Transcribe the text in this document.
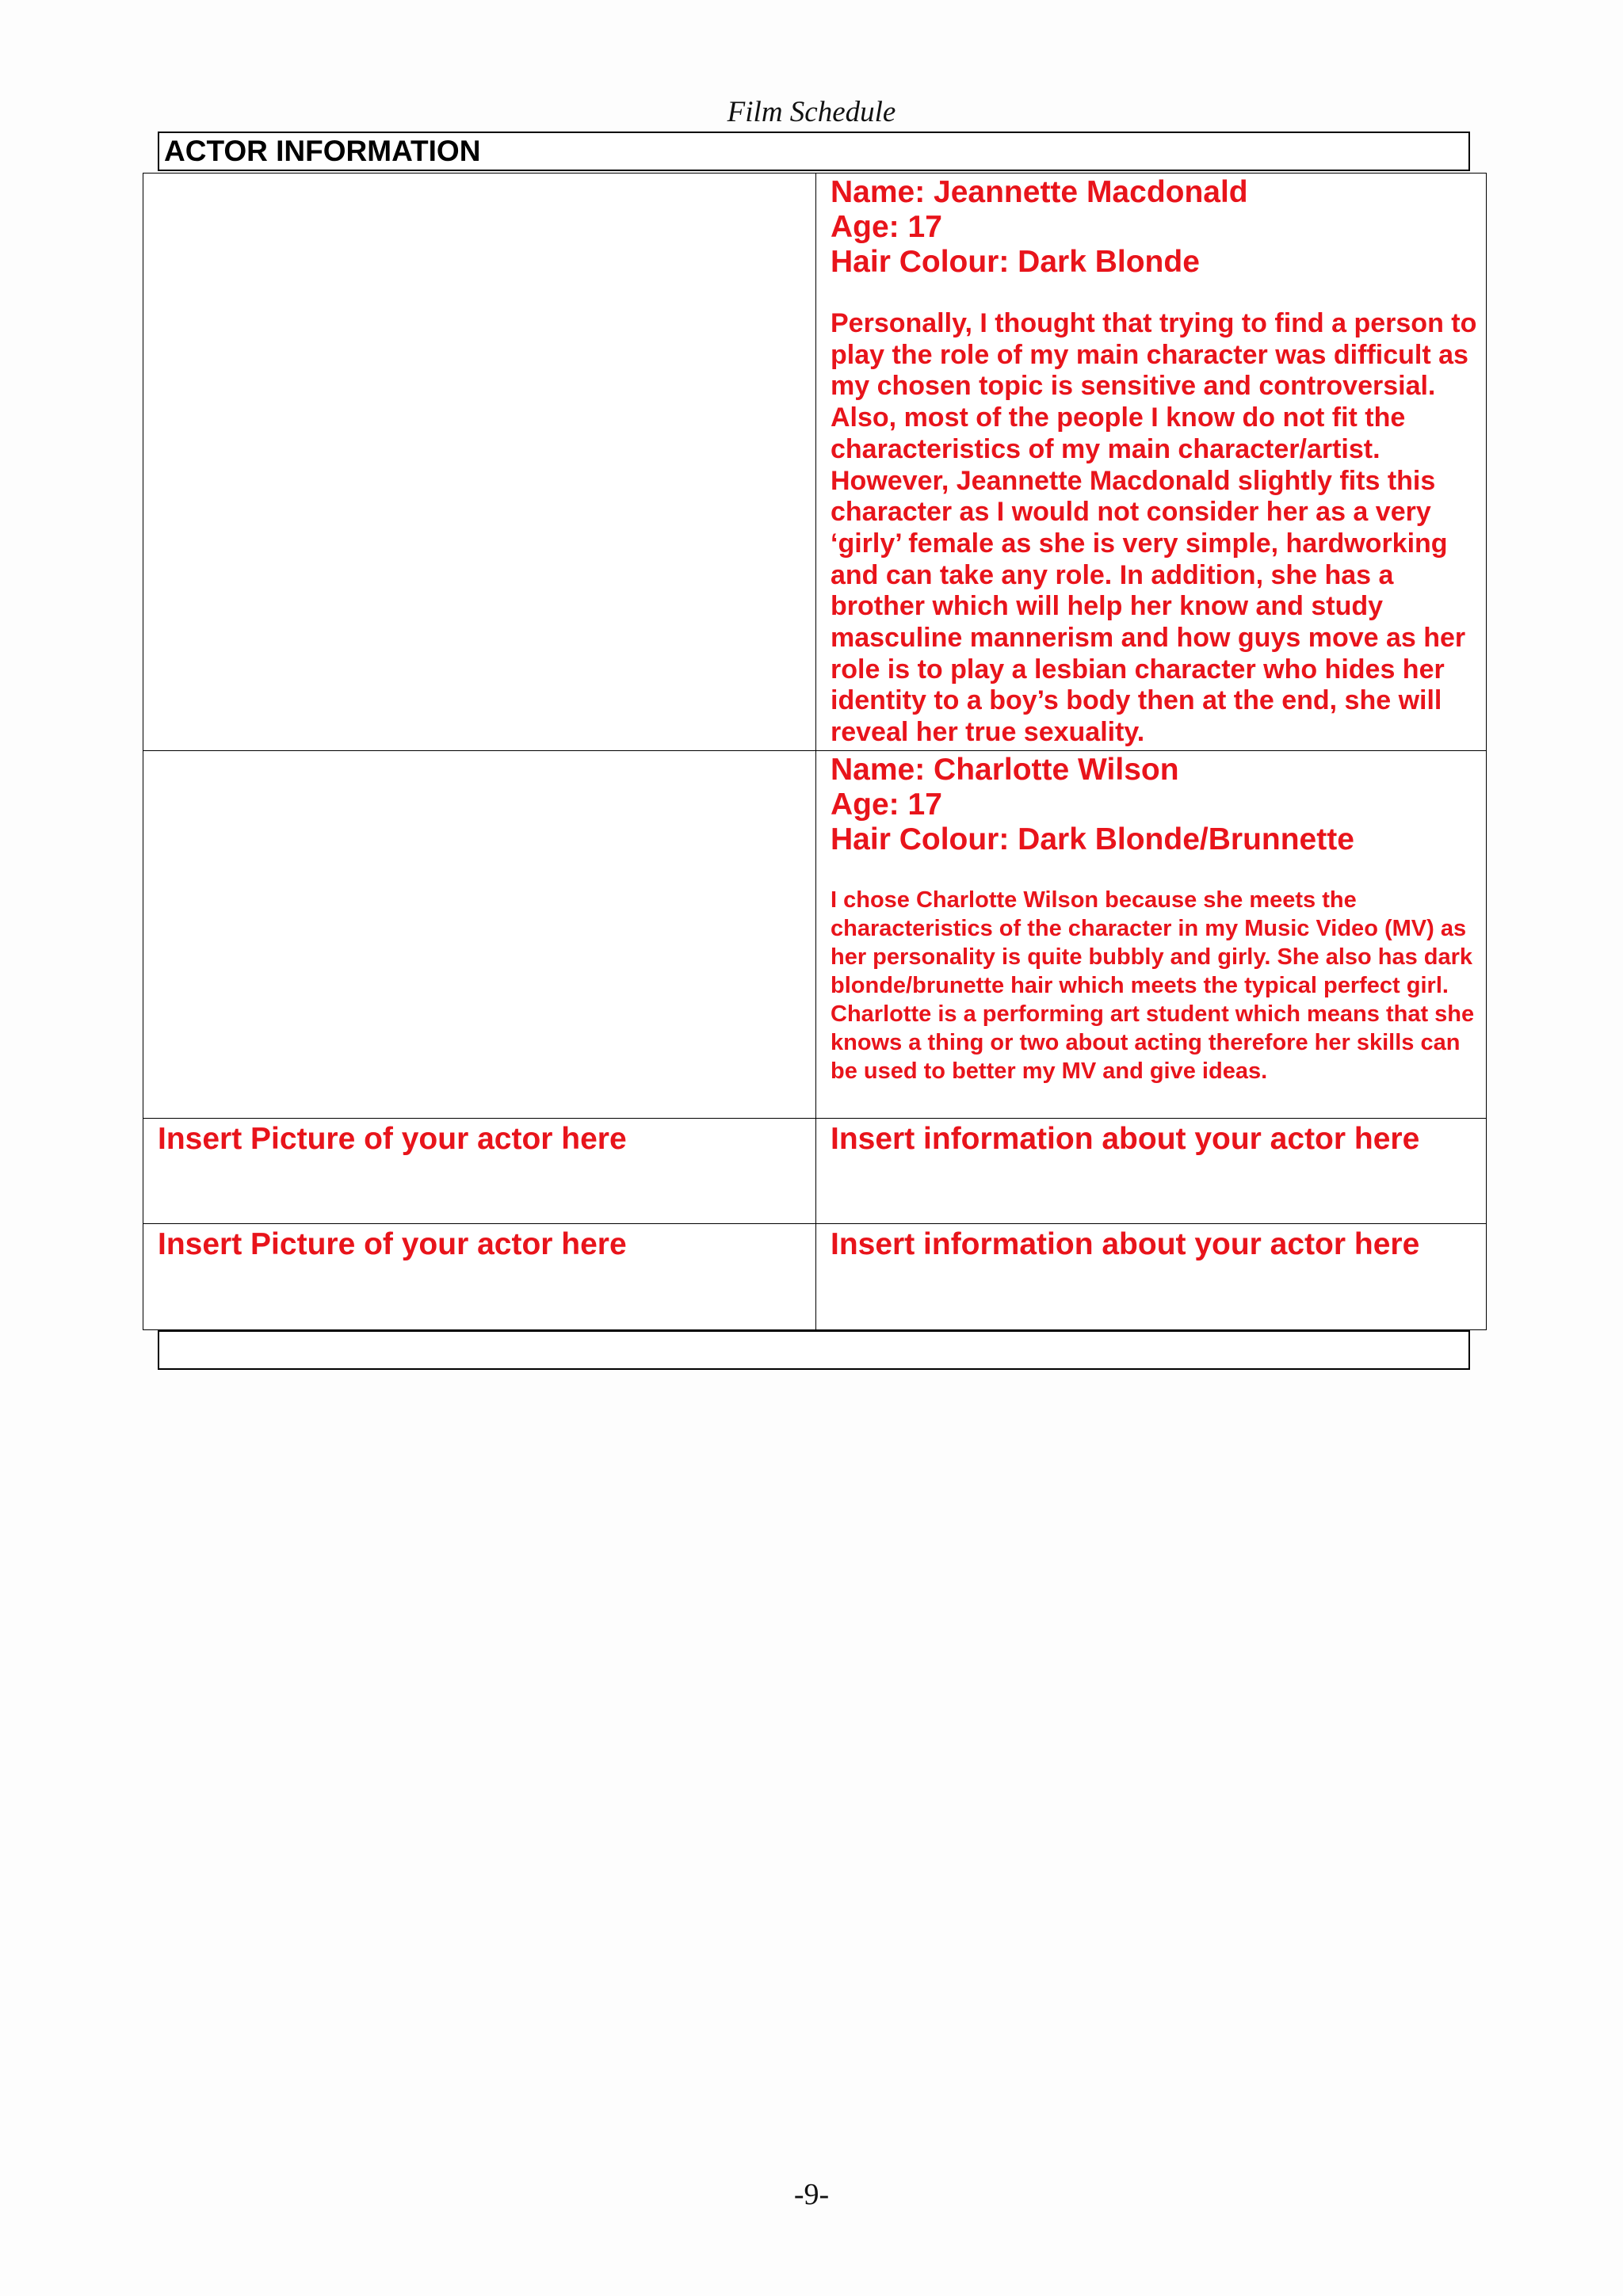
Film Schedule
ACTOR INFORMATION
Name: Jeannette Macdonald
Age: 17
Hair Colour: Dark Blonde
Personally, I thought that trying to find a person to play the role of my main character was difficult as my chosen topic is sensitive and controversial. Also, most of the people I know do not fit the characteristics of my main character/artist. However, Jeannette Macdonald slightly fits this character as I would not consider her as a very ‘girly’ female as she is very simple, hardworking and can take any role. In addition, she has a brother which will help her know and study masculine mannerism and how guys move as her role is to play a lesbian character who hides her identity to a boy’s body then at the end, she will reveal her true sexuality.
Name: Charlotte Wilson
Age: 17
Hair Colour: Dark Blonde/Brunnette
I chose Charlotte Wilson because she meets the characteristics of the character in my Music Video (MV) as her personality is quite bubbly and girly. She also has dark blonde/brunette hair which meets the typical perfect girl. Charlotte is a performing art student which means that she knows a thing or two about acting therefore her skills can be used to better my MV and give ideas.
Insert Picture of your actor here	Insert information about your actor here
Insert Picture of your actor here	Insert information about your actor here
-9-
